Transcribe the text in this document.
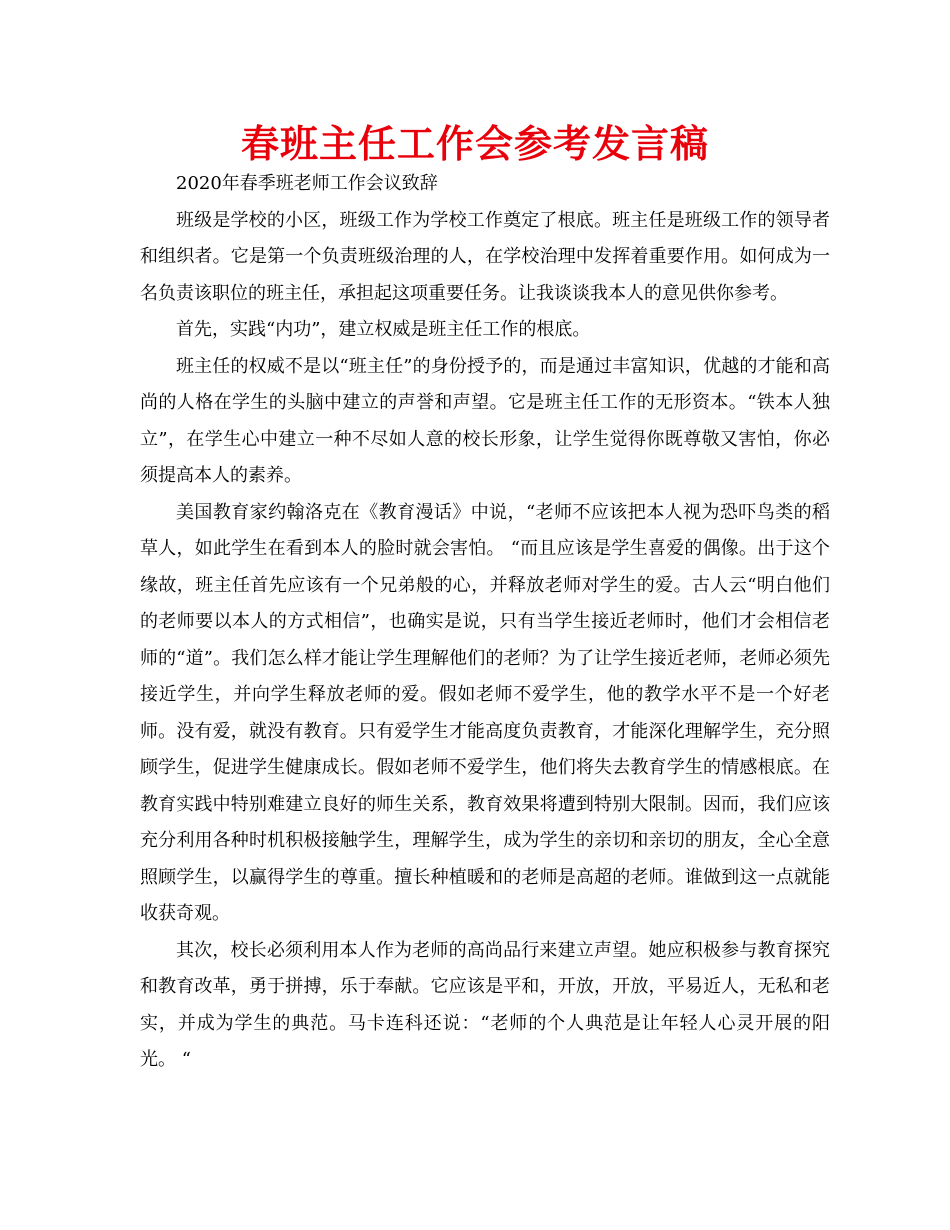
春班主任工作会参考发言稿

2020年春季班老师工作会议致辞

班级是学校的小区，班级工作为学校工作奠定了根底。班主任是班级工作的领导者和组织者。它是第一个负责班级治理的人，在学校治理中发挥着重要作用。如何成为一名负责该职位的班主任，承担起这项重要任务。让我谈谈我本人的意见供你参考。

首先，实践“内功”，建立权威是班主任工作的根底。

班主任的权威不是以“班主任”的身份授予的，而是通过丰富知识，优越的才能和高尚的人格在学生的头脑中建立的声誉和声望。它是班主任工作的无形资本。“铁本人独立”，在学生心中建立一种不尽如人意的校长形象，让学生觉得你既尊敬又害怕，你必须提高本人的素养。

美国教育家约翰洛克在《教育漫话》中说，“老师不应该把本人视为恐吓鸟类的稻草人，如此学生在看到本人的脸时就会害怕。 “而且应该是学生喜爱的偶像。出于这个缘故，班主任首先应该有一个兄弟般的心，并释放老师对学生的爱。古人云“明白他们的老师要以本人的方式相信”，也确实是说，只有当学生接近老师时，他们才会相信老师的“道”。我们怎么样才能让学生理解他们的老师？为了让学生接近老师，老师必须先接近学生，并向学生释放老师的爱。假如老师不爱学生，他的教学水平不是一个好老师。没有爱，就没有教育。只有爱学生才能高度负责教育，才能深化理解学生，充分照顾学生，促进学生健康成长。假如老师不爱学生，他们将失去教育学生的情感根底。在教育实践中特别难建立良好的师生关系，教育效果将遭到特别大限制。因而，我们应该充分利用各种时机积极接触学生，理解学生，成为学生的亲切和亲切的朋友，全心全意照顾学生，以赢得学生的尊重。擅长种植暖和的老师是高超的老师。谁做到这一点就能收获奇观。

其次，校长必须利用本人作为老师的高尚品行来建立声望。她应积极参与教育探究和教育改革，勇于拼搏，乐于奉献。它应该是平和，开放，开放，平易近人，无私和老实，并成为学生的典范。马卡连科还说：“老师的个人典范是让年轻人心灵开展的阳光。 “
